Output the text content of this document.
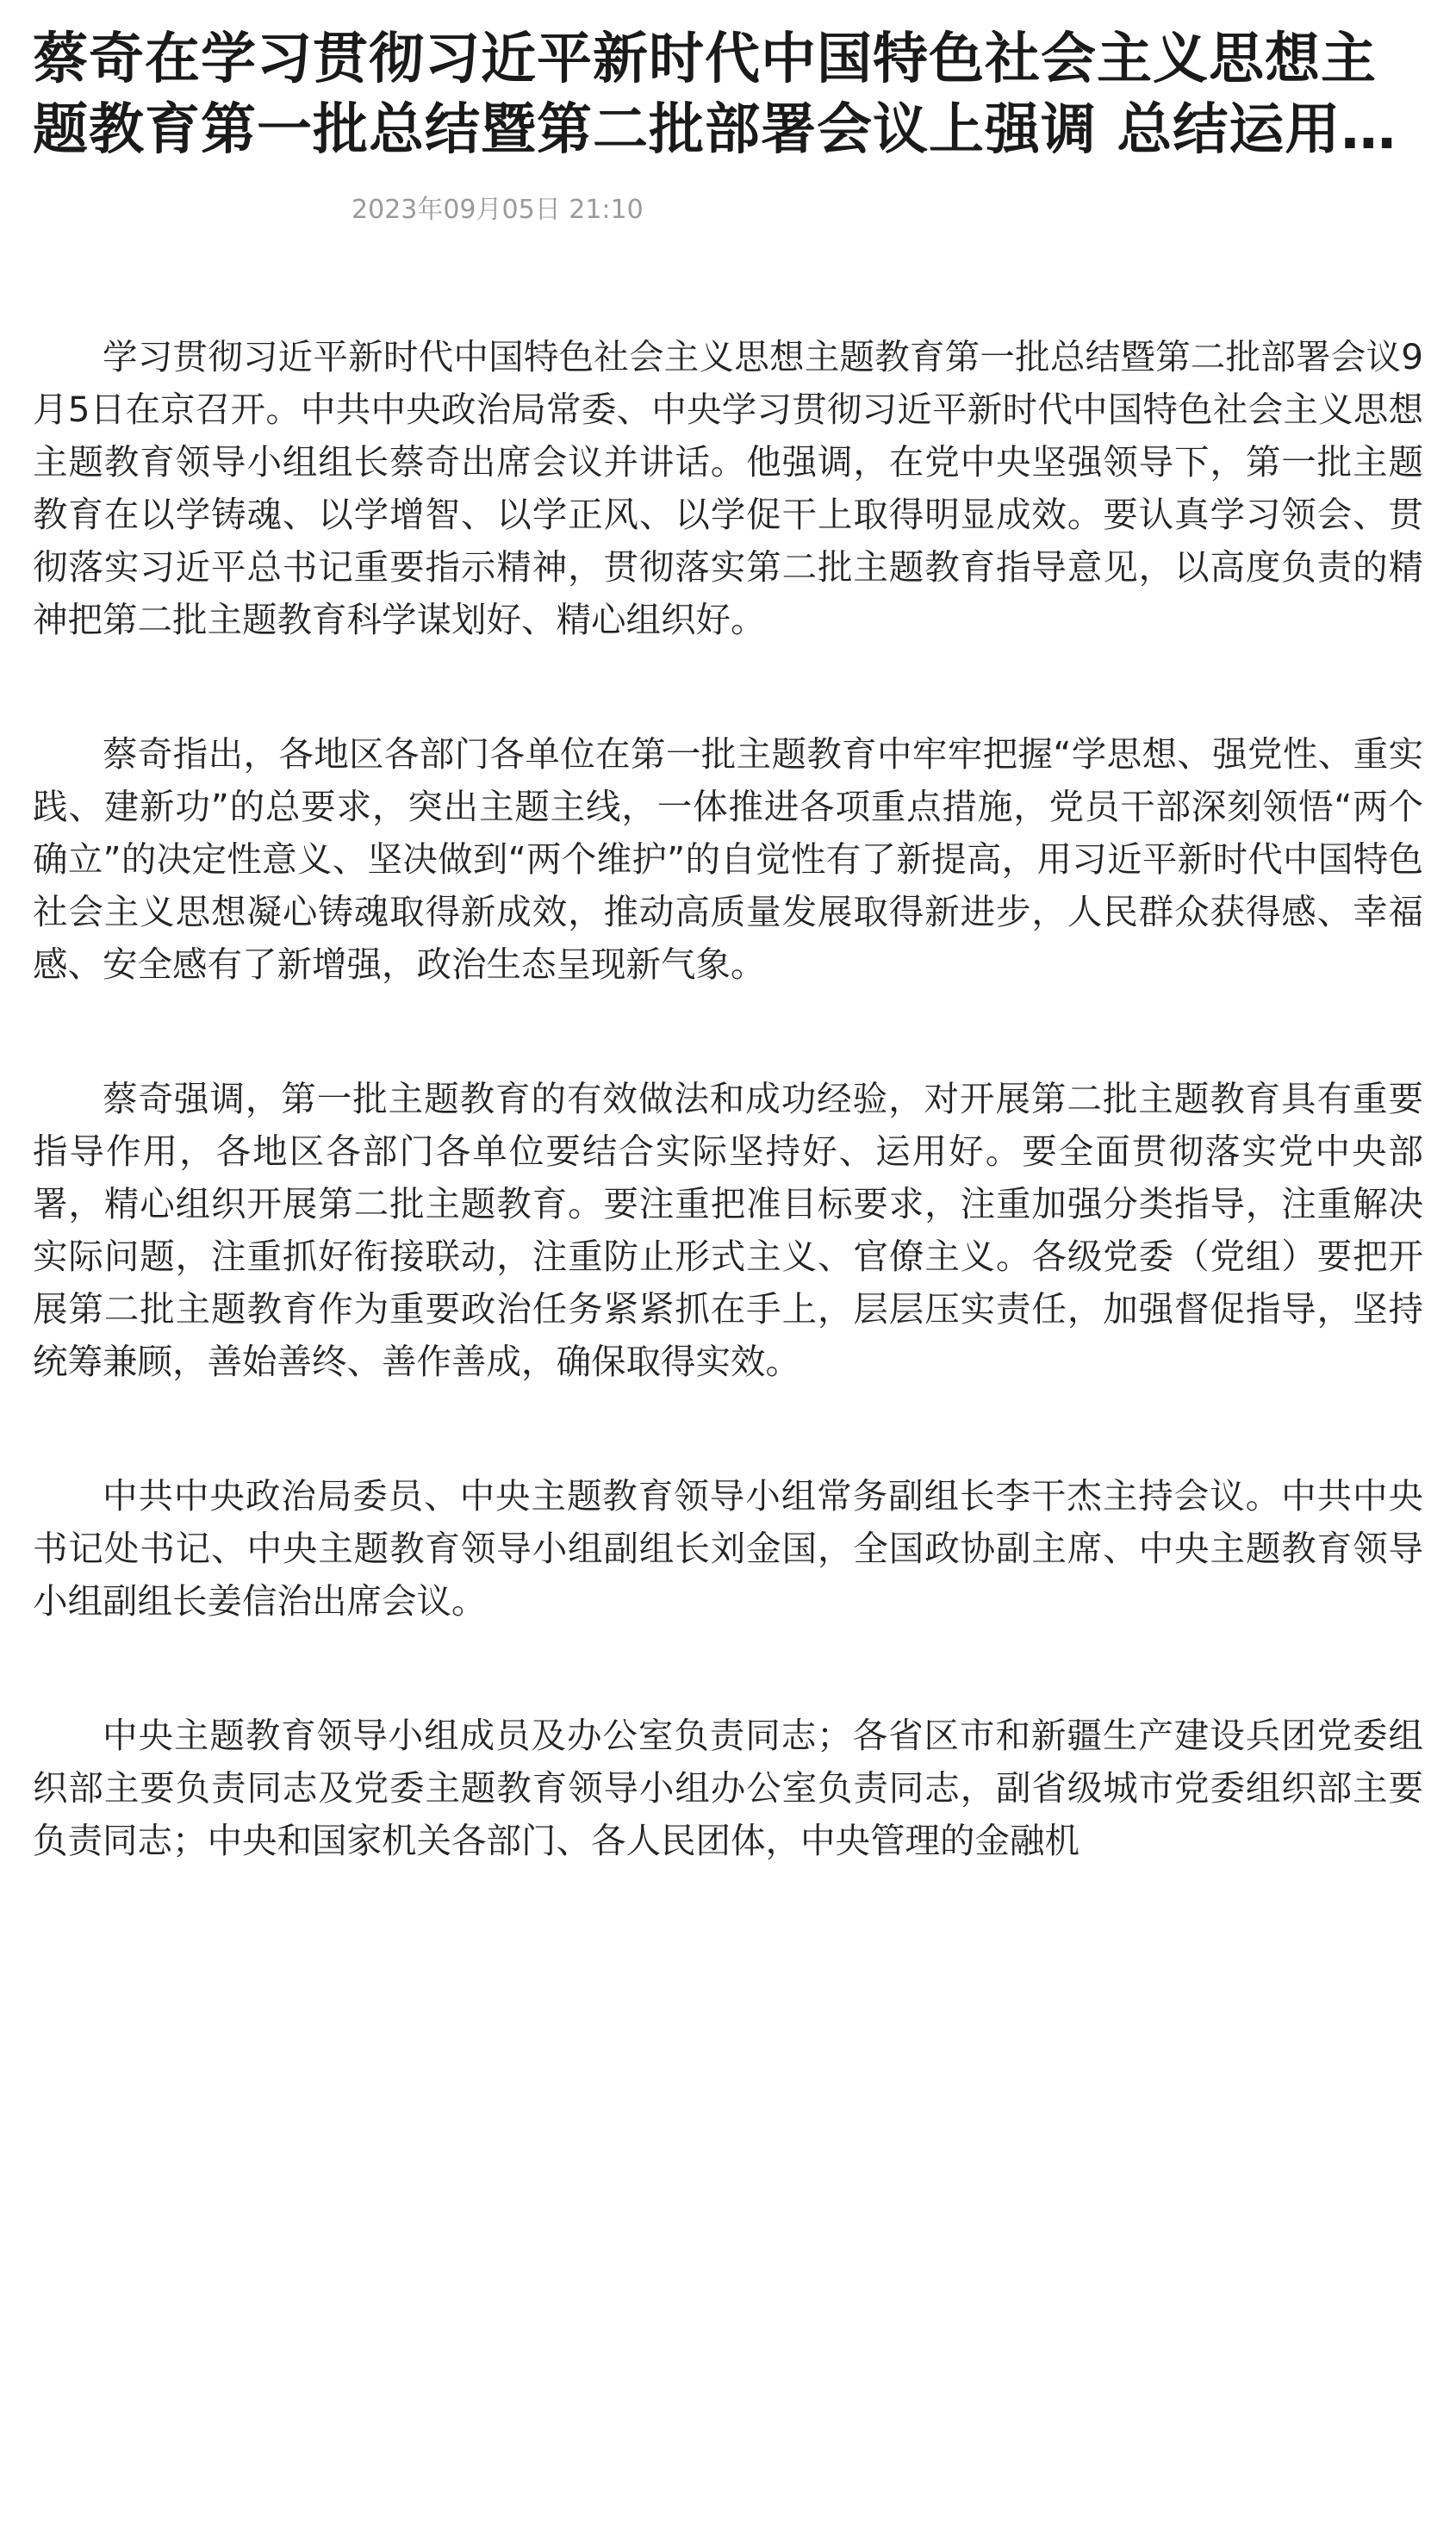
蔡奇在学习贯彻习近平新时代中国特色社会主义思想主题教育第一批总结暨第二批部署会议上强调 总结运用第
2023年09月05日 21:10

学习贯彻习近平新时代中国特色社会主义思想主题教育第一批总结暨第二批部署会议9月5日在京召开。中共中央政治局常委、中央学习贯彻习近平新时代中国特色社会主义思想主题教育领导小组组长蔡奇出席会议并讲话。他强调，在党中央坚强领导下，第一批主题教育在以学铸魂、以学增智、以学正风、以学促干上取得明显成效。要认真学习领会、贯彻落实习近平总书记重要指示精神，贯彻落实第二批主题教育指导意见，以高度负责的精神把第二批主题教育科学谋划好、精心组织好。

蔡奇指出，各地区各部门各单位在第一批主题教育中牢牢把握“学思想、强党性、重实践、建新功”的总要求，突出主题主线，一体推进各项重点措施，党员干部深刻领悟“两个确立”的决定性意义、坚决做到“两个维护”的自觉性有了新提高，用习近平新时代中国特色社会主义思想凝心铸魂取得新成效，推动高质量发展取得新进步，人民群众获得感、幸福感、安全感有了新增强，政治生态呈现新气象。

蔡奇强调，第一批主题教育的有效做法和成功经验，对开展第二批主题教育具有重要指导作用，各地区各部门各单位要结合实际坚持好、运用好。要全面贯彻落实党中央部署，精心组织开展第二批主题教育。要注重把准目标要求，注重加强分类指导，注重解决实际问题，注重抓好衔接联动，注重防止形式主义、官僚主义。各级党委（党组）要把开展第二批主题教育作为重要政治任务紧紧抓在手上，层层压实责任，加强督促指导，坚持统筹兼顾，善始善终、善作善成，确保取得实效。

中共中央政治局委员、中央主题教育领导小组常务副组长李干杰主持会议。中共中央书记处书记、中央主题教育领导小组副组长刘金国，全国政协副主席、中央主题教育领导小组副组长姜信治出席会议。

中央主题教育领导小组成员及办公室负责同志；各省区市和新疆生产建设兵团党委组织部主要负责同志及党委主题教育领导小组办公室负责同志，副省级城市党委组织部主要负责同志；中央和国家机关各部门、各人民团体，中央管理的金融机
